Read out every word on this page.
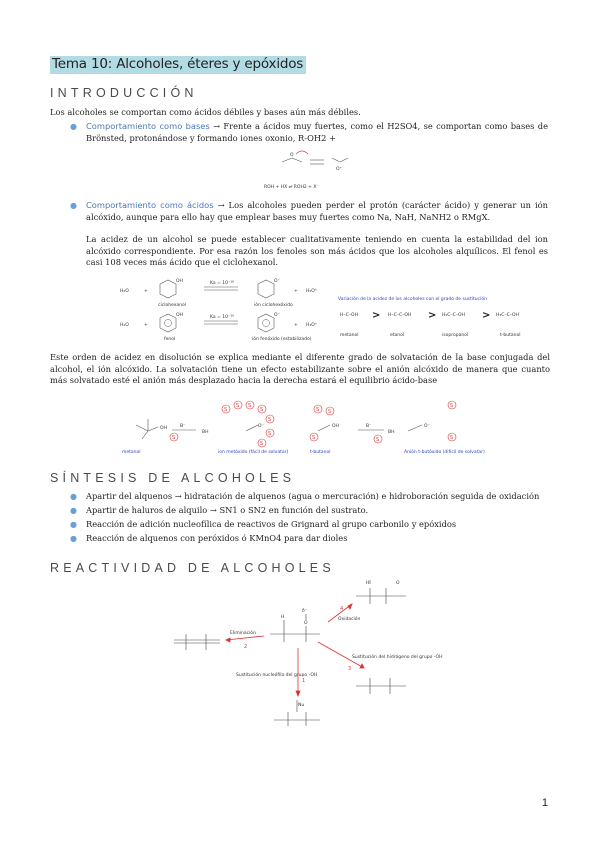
Tema 10: Alcoholes, éteres y epóxidos
INTRODUCCIÓN
Los alcoholes se comportan como ácidos débiles y bases aún más débiles.
● Comportamiento como bases → Frente a ácidos muy fuertes, como el H2SO4, se comportan como bases de Brönsted, protonándose y formando iones oxonio, R-OH2 +
O
O⁺
ROH + HX ⇌ ROH2 + X⁻
● Comportamiento como ácidos → Los alcoholes pueden perder el protón (carácter ácido) y generar un ión alcóxido, aunque para ello hay que emplear bases muy fuertes como Na, NaH, NaNH2 o RMgX.
La acidez de un alcohol se puede establecer cualitativamente teniendo en cuenta la estabilidad del ion alcóxido correspondiente. Por esa razón los fenoles son más ácidos que los alcoholes alquílicos. El fenol es casi 108 veces más ácido que el ciclohexanol.
H₂O	+
OH
ciclohexanol
Ka = 10⁻¹⁸	O⁻
ión ciclohexóxido
+ H₃O⁺
H₂O	+
OH
fenol
Ka = 10⁻¹⁰	O⁻
ión fenóxido (estabilizado)
+ H₃O⁺
Variación de la acidez de los alcoholes con el grado de sustitución
H–C–OH	H–C–C–OH	H₃C–C–OH	H₃C–C–OH
>	>	>
metanol	etanol	isopropanol	t-butanol
Este orden de acidez en disolución se explica mediante el diferente grado de solvatación de la base conjugada del alcohol, el ión alcóxido. La solvatación tiene un efecto estabilizante sobre el anión alcóxido de manera que cuanto más solvatado esté el anión más desplazado hacia la derecha estará el equilibrio ácido-base
OH	B⁻
BH
O⁻
S
S S
S
S
S
S
S
S S
S	S
S
S
OH	B⁻
BH
O⁻
metanol	ion metóxido (fácil de solvatar)	t-butanol	Anión t-butóxido (difícil de solvatar)
SÍNTESIS DE ALCOHOLES
● Apartir del alquenos → hidratación de alquenos (agua o mercuración) e hidroboración seguida de oxidación
● Apartir de haluros de alquilo → SN1 o SN2 en función del sustrato.
● Reacción de adición nucleofílica de reactivos de Grignard al grupo carbonilo y epóxidos
● Reacción de alquenos con peróxidos ó KMnO4 para dar dioles
REACTIVIDAD DE ALCOHOLES
H
δ⁻
O
H	O
4
Oxidación
Eliminación
2
Sustitución del hidrógeno del grupo -OH
3
Sustitución nucleófila del grupo -OH
1
Nu
1
